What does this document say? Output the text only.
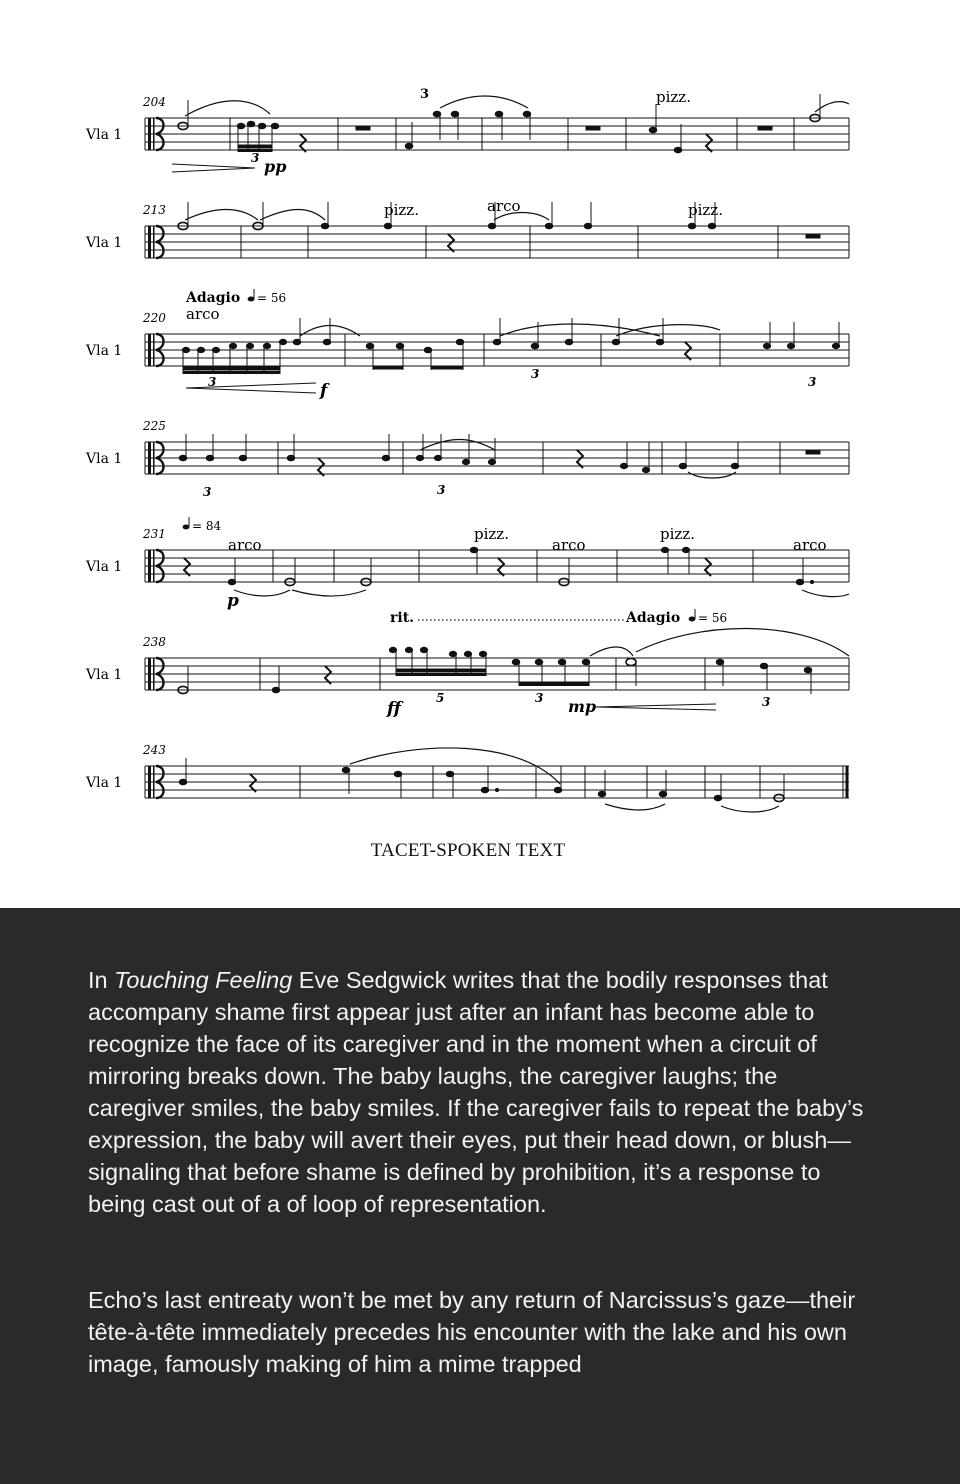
Vla 1
204	3
3
pizz.
pp
Vla 1
213	pizz.	arco	pizz.
Vla 1
220
Adagio = 56
arco
3
3
3
f
Vla 1
225
3	3
Vla 1
231
= 84
arco
pizz.
arco
pizz.
arco
p
Vla 1
238
rit.	Adagio = 56
5	3	3
ff	mp
Vla 1
243
TACET-SPOKEN TEXT

In Touching Feeling Eve Sedgwick writes that the bodily responses that accompany shame first appear just after an infant has become able to recognize the face of its caregiver and in the moment when a circuit of mirroring breaks down. The baby laughs, the caregiver laughs; the caregiver smiles, the baby smiles. If the caregiver fails to repeat the baby’s expression, the baby will avert their eyes, put their head down, or blush—signaling that before shame is defined by prohibition, it’s a response to being cast out of a of loop of representation.

Echo’s last entreaty won’t be met by any return of Narcissus’s gaze—their tête-à-tête immediately precedes his encounter with the lake and his own image, famously making of him a mime trapped
